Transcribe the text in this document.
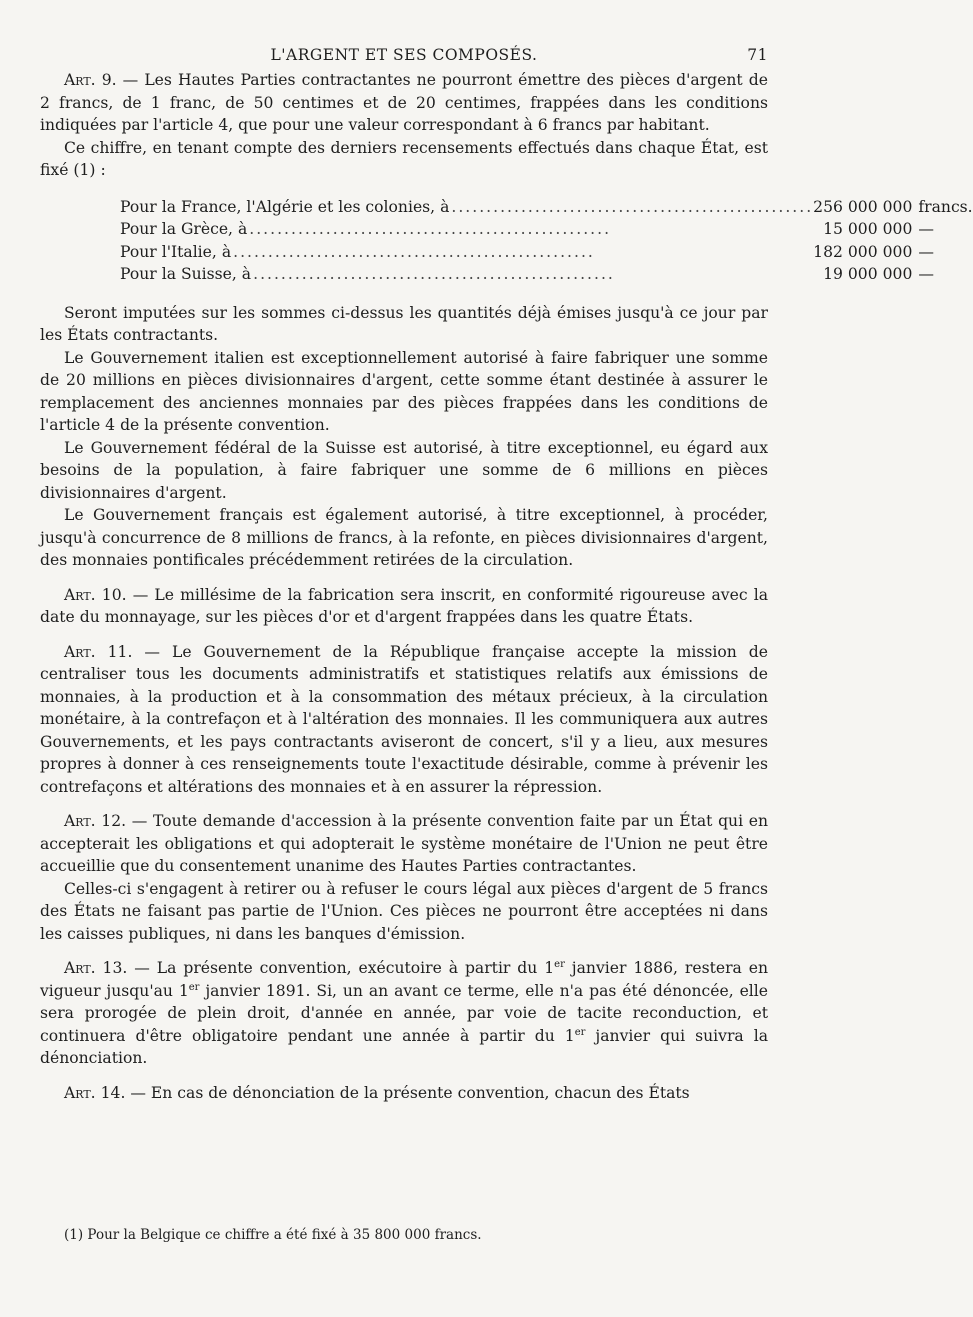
L'ARGENT ET SES COMPOSÉS.	71

Art. 9. — Les Hautes Parties contractantes ne pourront émettre des pièces d'argent de 2 francs, de 1 franc, de 50 centimes et de 20 centimes, frappées dans les conditions indiquées par l'article 4, que pour une valeur correspondant à 6 francs par habitant.

Ce chiffre, en tenant compte des derniers recensements effectués dans chaque État, est fixé (1) :

Pour la France, l'Algérie et les colonies, à ....................................................	256 000 000	francs.
Pour la Grèce, à ....................................................	15 000 000	—
Pour l'Italie, à ....................................................	182 000 000	—
Pour la Suisse, à ....................................................	19 000 000	—

Seront imputées sur les sommes ci-dessus les quantités déjà émises jusqu'à ce jour par les États contractants.

Le Gouvernement italien est exceptionnellement autorisé à faire fabriquer une somme de 20 millions en pièces divisionnaires d'argent, cette somme étant destinée à assurer le remplacement des anciennes monnaies par des pièces frappées dans les conditions de l'article 4 de la présente convention.

Le Gouvernement fédéral de la Suisse est autorisé, à titre exceptionnel, eu égard aux besoins de la population, à faire fabriquer une somme de 6 millions en pièces divisionnaires d'argent.

Le Gouvernement français est également autorisé, à titre exceptionnel, à procéder, jusqu'à concurrence de 8 millions de francs, à la refonte, en pièces divisionnaires d'argent, des monnaies pontificales précédemment retirées de la circulation.

Art. 10. — Le millésime de la fabrication sera inscrit, en conformité rigoureuse avec la date du monnayage, sur les pièces d'or et d'argent frappées dans les quatre États.

Art. 11. — Le Gouvernement de la République française accepte la mission de centraliser tous les documents administratifs et statistiques relatifs aux émissions de monnaies, à la production et à la consommation des métaux précieux, à la circulation monétaire, à la contrefaçon et à l'altération des monnaies. Il les communiquera aux autres Gouvernements, et les pays contractants aviseront de concert, s'il y a lieu, aux mesures propres à donner à ces renseignements toute l'exactitude désirable, comme à prévenir les contrefaçons et altérations des monnaies et à en assurer la répression.

Art. 12. — Toute demande d'accession à la présente convention faite par un État qui en accepterait les obligations et qui adopterait le système monétaire de l'Union ne peut être accueillie que du consentement unanime des Hautes Parties contractantes.

Celles-ci s'engagent à retirer ou à refuser le cours légal aux pièces d'argent de 5 francs des États ne faisant pas partie de l'Union. Ces pièces ne pourront être acceptées ni dans les caisses publiques, ni dans les banques d'émission.

Art. 13. — La présente convention, exécutoire à partir du 1er janvier 1886, restera en vigueur jusqu'au 1er janvier 1891. Si, un an avant ce terme, elle n'a pas été dénoncée, elle sera prorogée de plein droit, d'année en année, par voie de tacite reconduction, et continuera d'être obligatoire pendant une année à partir du 1er janvier qui suivra la dénonciation.

Art. 14. — En cas de dénonciation de la présente convention, chacun des États

(1) Pour la Belgique ce chiffre a été fixé à 35 800 000 francs.
